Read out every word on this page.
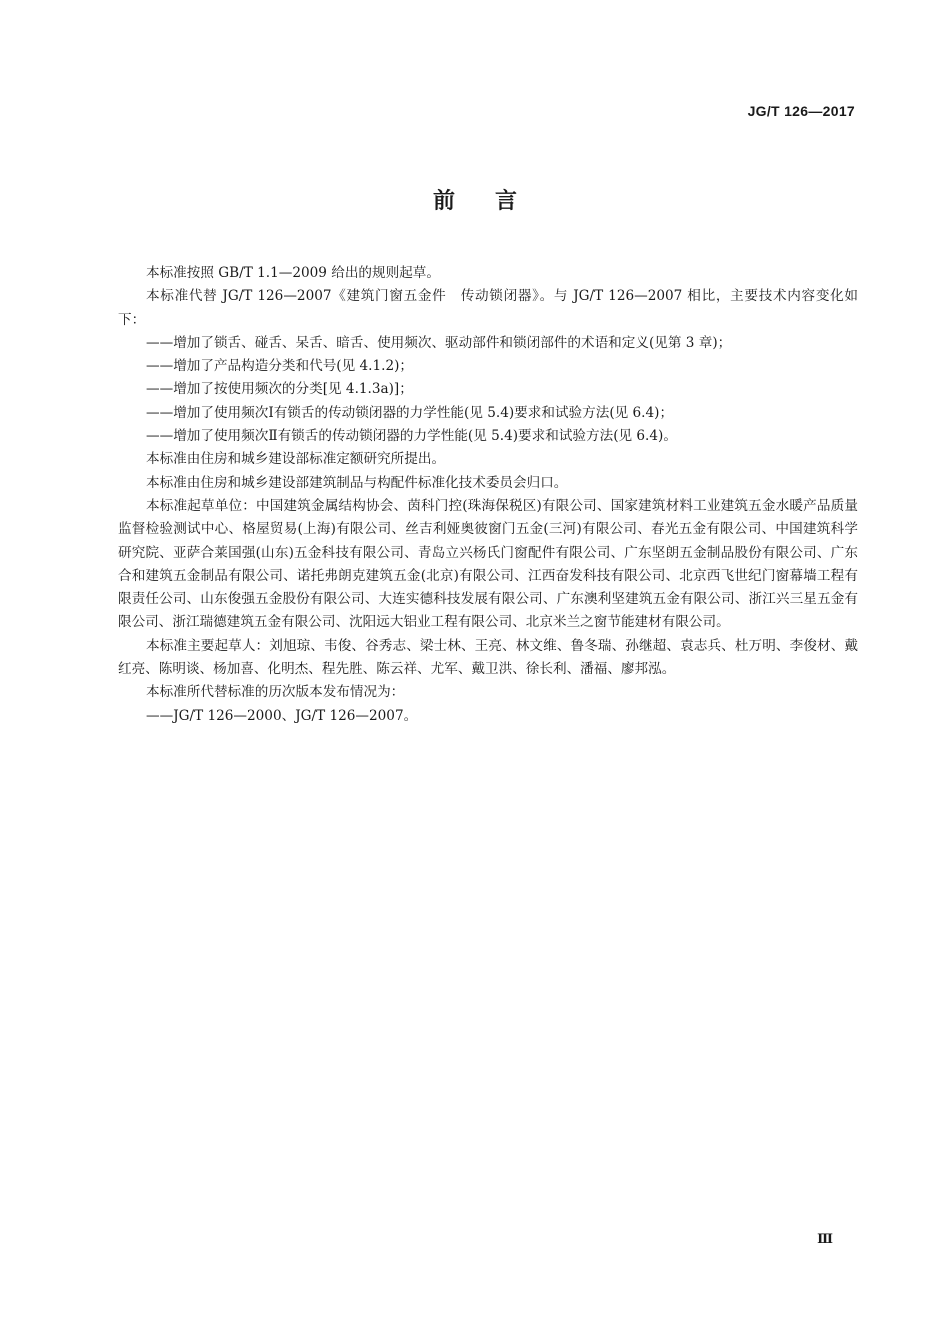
JG/T 126—2017
前言

本标准按照 GB/T 1.1—2009 给出的规则起草。

本标准代替 JG/T 126—2007《建筑门窗五金件　传动锁闭器》。与 JG/T 126—2007 相比，主要技术内容变化如下：

——增加了锁舌、碰舌、呆舌、暗舌、使用频次、驱动部件和锁闭部件的术语和定义(见第 3 章)；

——增加了产品构造分类和代号(见 4.1.2)；

——增加了按使用频次的分类[见 4.1.3a)]；

——增加了使用频次Ⅰ有锁舌的传动锁闭器的力学性能(见 5.4)要求和试验方法(见 6.4)；

——增加了使用频次Ⅱ有锁舌的传动锁闭器的力学性能(见 5.4)要求和试验方法(见 6.4)。

本标准由住房和城乡建设部标准定额研究所提出。

本标准由住房和城乡建设部建筑制品与构配件标准化技术委员会归口。

本标准起草单位：中国建筑金属结构协会、茵科门控(珠海保税区)有限公司、国家建筑材料工业建筑五金水暖产品质量监督检验测试中心、格屋贸易(上海)有限公司、丝吉利娅奥彼窗门五金(三河)有限公司、春光五金有限公司、中国建筑科学研究院、亚萨合莱国强(山东)五金科技有限公司、青岛立兴杨氏门窗配件有限公司、广东坚朗五金制品股份有限公司、广东合和建筑五金制品有限公司、诺托弗朗克建筑五金(北京)有限公司、江西奋发科技有限公司、北京西飞世纪门窗幕墙工程有限责任公司、山东俊强五金股份有限公司、大连实德科技发展有限公司、广东澳利坚建筑五金有限公司、浙江兴三星五金有限公司、浙江瑞德建筑五金有限公司、沈阳远大铝业工程有限公司、北京米兰之窗节能建材有限公司。

本标准主要起草人：刘旭琼、韦俊、谷秀志、梁士林、王亮、林文维、鲁冬瑞、孙继超、袁志兵、杜万明、李俊材、戴红亮、陈明谈、杨加喜、化明杰、程先胜、陈云祥、尤军、戴卫洪、徐长利、潘福、廖邦泓。

本标准所代替标准的历次版本发布情况为：

——JG/T 126—2000、JG/T 126—2007。

Ⅲ
